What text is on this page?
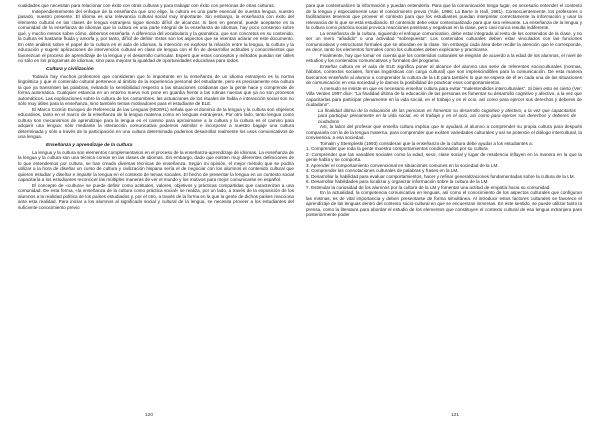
cualidades que necesitan para relacionar con éxito con otras culturas y para trabajar con éxito con personas de otras culturas.

Independientemente del enfoque de la enseñanza que uno elige, la cultura es una parte esencial de nuestra lengua, nuestro pasado, nuestro presente. El idioma es una relevancia cultural social muy importante. Sin embargo, la enseñanza con éxito del elemento cultural en las clases de lengua extranjera sigue siendo difícil de alcanzar. Si bien en general, puede aceptarse en la comunidad de la enseñanza de idiomas que la cultura es una parte integral de la enseñanza de idiomas, hay poco consenso sobre qué, y mucho menos sobre cómo, debemos enseñarla. A diferencia del vocabulario y la gramática, que son concretos en su contenido, la cultura es bastante fluida y amorfa y, por tanto, difícil de definir. Estos son los aspectos que se intentan aclarar en este documento. En este análisis sobre el papel de la cultura en el aula de idiomas, la intención es explorar la relación entre la lengua, la cultura y la educación y sugerir aplicaciones de intervención cultural en clase de lengua con el fin de desarrollar actitudes y conocimientos que favorezcan el proceso de aprendizaje de la lengua y el desarrollo curricular. Espero que estos conceptos y métodos puedan ser útiles no sólo en los programas de idiomas, sino para mejorar la igualdad de oportunidades educativas para todos.

Cultura y civilización

Todavía hay muchos profesores que consideran que lo importante en la enseñanza de un idioma extranjero es la norma lingüística y que el contenido cultural pertenece al ámbito de la experiencia personal del estudiante, pero es precisamente esa cultura la que ya transmiten las palabras, evitando la sensibilidad respecto a las situaciones cotidianas que la gente hace y comprende de forma automática. Cualquier estancia en un entorno nuevo nos pone en guardia frente a las rutinas nuevas que ya no son procesos automáticos. Las explicaciones sobre la cultura de los costumbres, las actuaciones de los rituales de habla e interacción social son no sólo muy útiles para la enseñanza, sino también temas motivadores para el estudiante de ELE.

El Marco Común Europeo de Referencia de las Lenguas (MCERL) señala que el dominio de la lengua y la cultura son objetivos educativos, tanto en el marco de la enseñanza de la lengua materna como en lenguas extranjeras. Por otro lado, tanto lengua como cultura son mecanismos de aprendizaje para la lengua es el camino para aproximarse a la cultura y la cultura es el camino para adquirir una lengua: sólo mediante la interacción comunicativa podemos asimilar e incorporar a nuestro bagaje una cultura determinada y sólo a través de la participación en una cultura determinada podemos desarrollar realmente los usos comunicativos de una lengua.

Enseñanza y aprendizaje de la cultura

La lengua y la cultura son elementos complementarios en el proceso de la enseñanza-aprendizaje de idiomas. La enseñanza de la lengua y la cultura son una técnica común en las clases de idiomas. Sin embargo, dado que existen muy diferentes definiciones de lo que entendemos por cultura, se han creado diversas técnicas de enseñanza. Según mi opinión, el mejor método que se podría utilizar a la hora de diseñar un curso de cultura y civilización hispana sería el de negociar con los alumnos el contenido cultural que quieren estudiar y diseñar e impartir la lengua en el contexto de temas sociales. El hecho de presentar la lengua en un contexto social capacitaría a los estudiantes reconocer las múltiples maneras de ver el mundo y los motivos para mejor comunicarse en español.

El concepto de «cultura» se puede definir como actitudes, valores, objetivos y prácticas compartidas que caracterizan a una comunidad. De esta forma, «la enseñanza de la cultura como práctica social» se realiza, por un lado, a través de la exposición de los alumnos a la realidad política de los países estudiados y, por el otro, a través de la forma en la que la gente de dichos países reacciona ante esta realidad. Para iniciar a los alumnos al significado social y cultural de la lengua, se necesita proveer a los estudiantes del suficiente conocimiento previo

120

para que contextualicen la información y puedan entenderla. Para que la comunicación tenga lugar, es necesario entender el contexto de la lengua y especialmente usar el conocimiento previo (Yule, 1996; La Barre in Hall, 1981). Consecuentemente, los profesores o facilitadores tenemos que proveer el contexto para que los estudiantes puedan interpretar correctamente la información y usar la relevancia de lo que se está estudiando. El contenido debe estar contextualizado para que sea relevante. La enseñanza de la lengua y la cultura como práctica social provoca reacciones positivas y negativas en la clase, pero casi nunca resulta indiferente.

La enseñanza de la cultura, siguiendo el enfoque comunicativo, debe estar integrada al resto de los contenidos de la clase, y no ser un mero "añadido" o una actividad "sobrepuesta". Los contenidos culturales deben estar vinculados con las funciones comunicativas y estructuras formales que se abordan en la clase. Sin embargo cada área debe recibir la atención que le corresponde, es decir, tanto los elementos formales como los culturales deben explicarse y practicarse.

Finalmente, hay que tomar en cuenta que los contenidos culturales se elegirán de acuerdo a la edad de los alumnos, el nivel de estudios y los contenidos comunicativos y formales del programa.

Enseñar cultura en el aula de ELE significa poner al alcance del alumno una serie de referentes socioculturales (normas, hábitos, contextos sociales, formas lingüísticas con carga cultural) que son imprescindibles para la comunicación. De esta manera buscamos enseñarle al alumno a comprender la cultura de la LE para también lo que se espera de él en cada una de las situaciones de comunicación en esa sociedad y le damos la posibilidad de practicar esos comportamientos.

A menudo se insiste en que es necesario enseñar cultura para evitar "malentendidos interculturales". Si bien esto es cierto (Ver: Villa Verdes 1997 dice: "La finalidad última de la educación de las personas es fomentar su desarrollo cognitivo y afectivo, a la vez que capacitarlas para participar plenamente en la vida social, en el trabajo y en el ocio, así como para ejercer sus derechos y deberes de ciudadano".

La finalidad última de la educación de las personas es fomentar su desarrollo cognitivo y afectivo, a la vez que capacitarlas para participar plenamente en la vida social, en el trabajo y en el ocio, así como para ejercer sus derechos y deberes de ciudadano

Así, la labor del profesor que enseña cultura implica que le ayudará al alumno a comprender su propia cultura para después compararla con la de la lengua materna, para comprender que existen variedades culturales y así se potencie el diálogo intercultural, la convivencia, a esa sociedad.

Tomalin y Stempleski (1993) consideran que la enseñanza de la cultura debe ayudar a los estudiantes a:

1. Comprender que toda la gente muestra comportamientos condicionados por su cultura.
2. Comprender que las variables sociales como la edad, sexo, clase social y lugar de residencia influyen en la manera en la que la gente habla y se comporta.
3. Aprender el comportamiento convencional en situaciones comunes en la sociedad de la LM.
4. Comprender las connotaciones culturales de palabras y frases en la LM.
5. Desarrollar la habilidad para evaluar comportamientos, hacer y refinar generalizaciones fundamentadas sobre la cultura de la LM.
6. Desarrollar habilidades para localizar y organizar información sobre la cultura de la LM.
7. Estimular la curiosidad de los alumnos por la cultura de la LM y fomentar una actitud de empatía hacia su comunidad.

En la actualidad, la competencia comunicativa en lenguas, así como el conocimiento de los aspectos culturales que configuran las mismas, es de vital importancia y deben presentarse de forma simultánea. Al introducir estos factores culturales se favorece el aprendizaje de las lenguas dentro del contexto socio-cultural en que se encuentran inmersas. En este sentido, se puede utilizar tanto la prensa, como la literatura para abordar el estudio de los elementos que constituyen el contexto cultural de esa lengua extranjera para posteriormente poder

121
